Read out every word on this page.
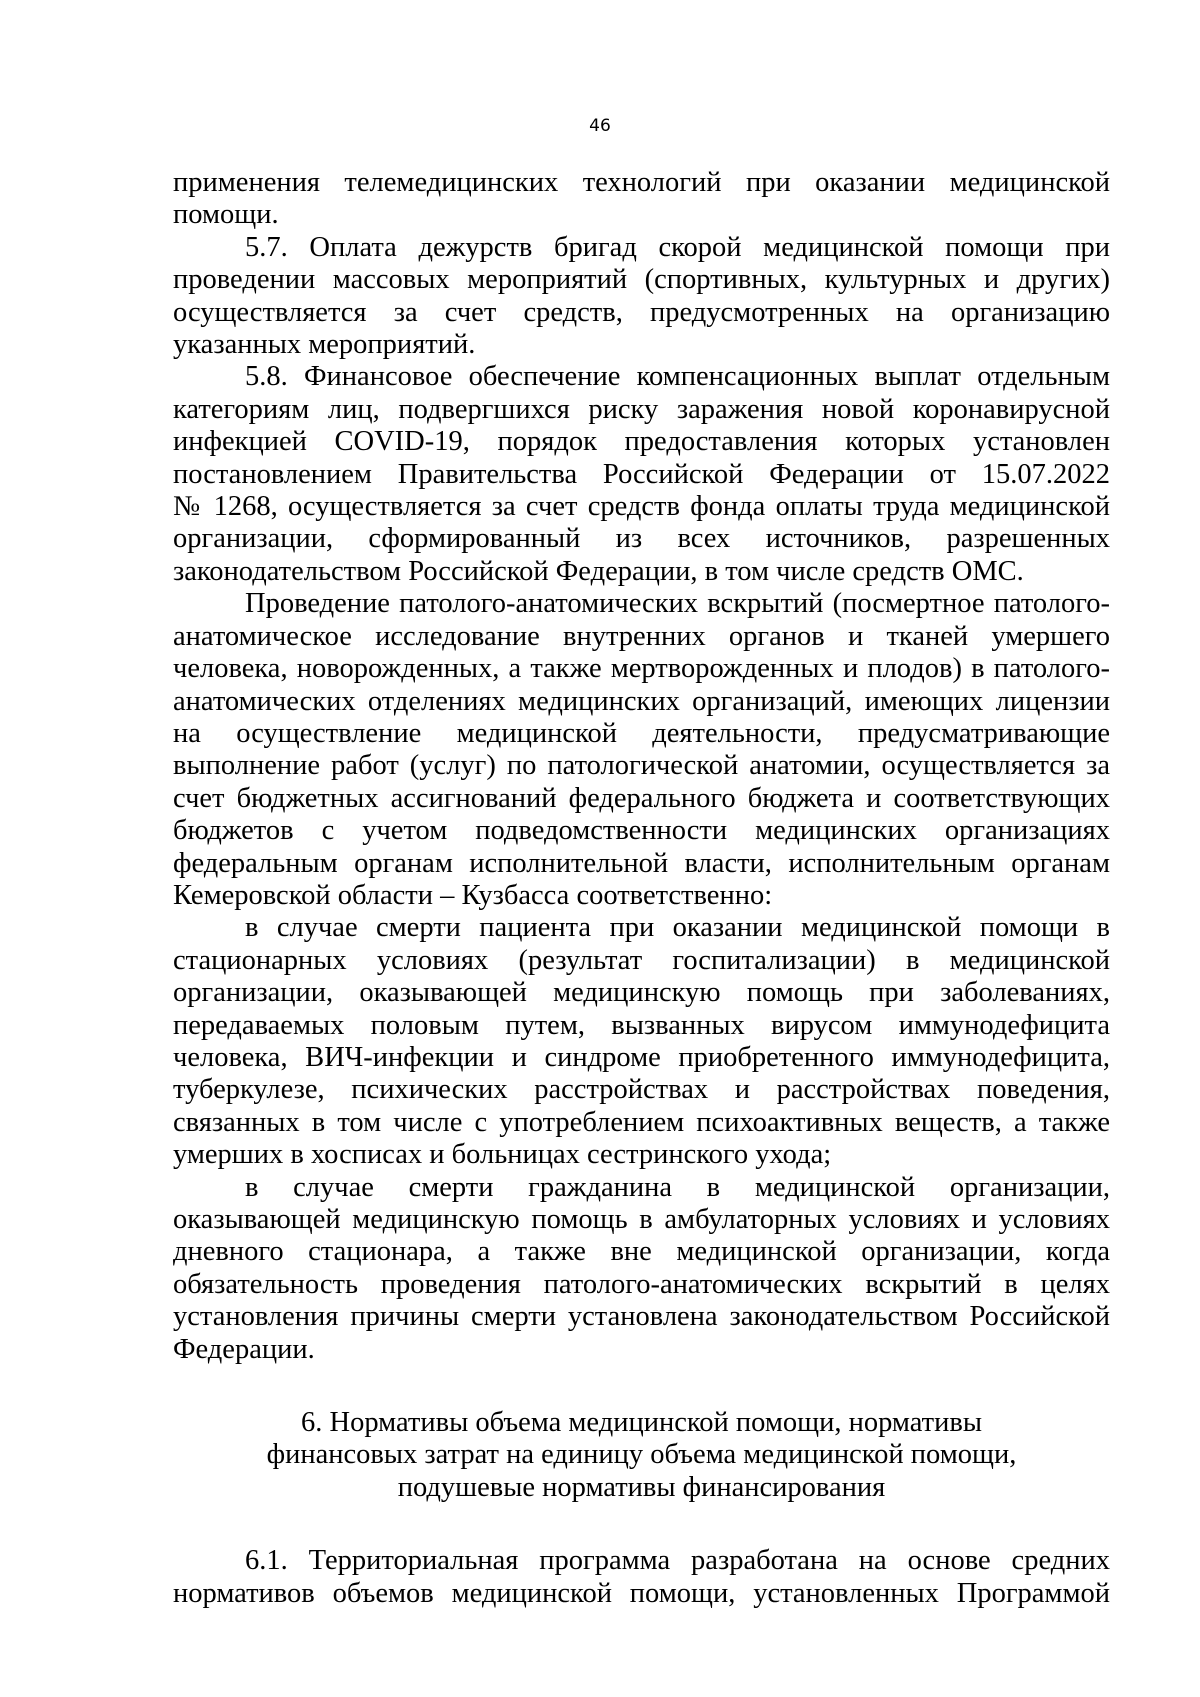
46

применения телемедицинских технологий при оказании медицинской
помощи.

5.7. Оплата дежурств бригад скорой медицинской помощи при
проведении массовых мероприятий (спортивных, культурных и других)
осуществляется за счет средств, предусмотренных на организацию
указанных мероприятий.

5.8. Финансовое обеспечение компенсационных выплат отдельным
категориям лиц, подвергшихся риску заражения новой коронавирусной
инфекцией COVID-19, порядок предоставления которых установлен
постановлением Правительства Российской Федерации от 15.07.2022
№ 1268, осуществляется за счет средств фонда оплаты труда медицинской
организации, сформированный из всех источников, разрешенных
законодательством Российской Федерации, в том числе средств ОМС.

Проведение патолого-анатомических вскрытий (посмертное патолого-
анатомическое исследование внутренних органов и тканей умершего
человека, новорожденных, а также мертворожденных и плодов) в патолого-
анатомических отделениях медицинских организаций, имеющих лицензии
на осуществление медицинской деятельности, предусматривающие
выполнение работ (услуг) по патологической анатомии, осуществляется за
счет бюджетных ассигнований федерального бюджета и соответствующих
бюджетов с учетом подведомственности медицинских организациях
федеральным органам исполнительной власти, исполнительным органам
Кемеровской области – Кузбасса соответственно:

в случае смерти пациента при оказании медицинской помощи в
стационарных условиях (результат госпитализации) в медицинской
организации, оказывающей медицинскую помощь при заболеваниях,
передаваемых половым путем, вызванных вирусом иммунодефицита
человека, ВИЧ-инфекции и синдроме приобретенного иммунодефицита,
туберкулезе, психических расстройствах и расстройствах поведения,
связанных в том числе с употреблением психоактивных веществ, а также
умерших в хосписах и больницах сестринского ухода;

в случае смерти гражданина в медицинской организации,
оказывающей медицинскую помощь в амбулаторных условиях и условиях
дневного стационара, а также вне медицинской организации, когда
обязательность проведения патолого-анатомических вскрытий в целях
установления причины смерти установлена законодательством Российской
Федерации.

6. Нормативы объема медицинской помощи, нормативы
финансовых затрат на единицу объема медицинской помощи,
подушевые нормативы финансирования

6.1. Территориальная программа разработана на основе средних
нормативов объемов медицинской помощи, установленных Программой
